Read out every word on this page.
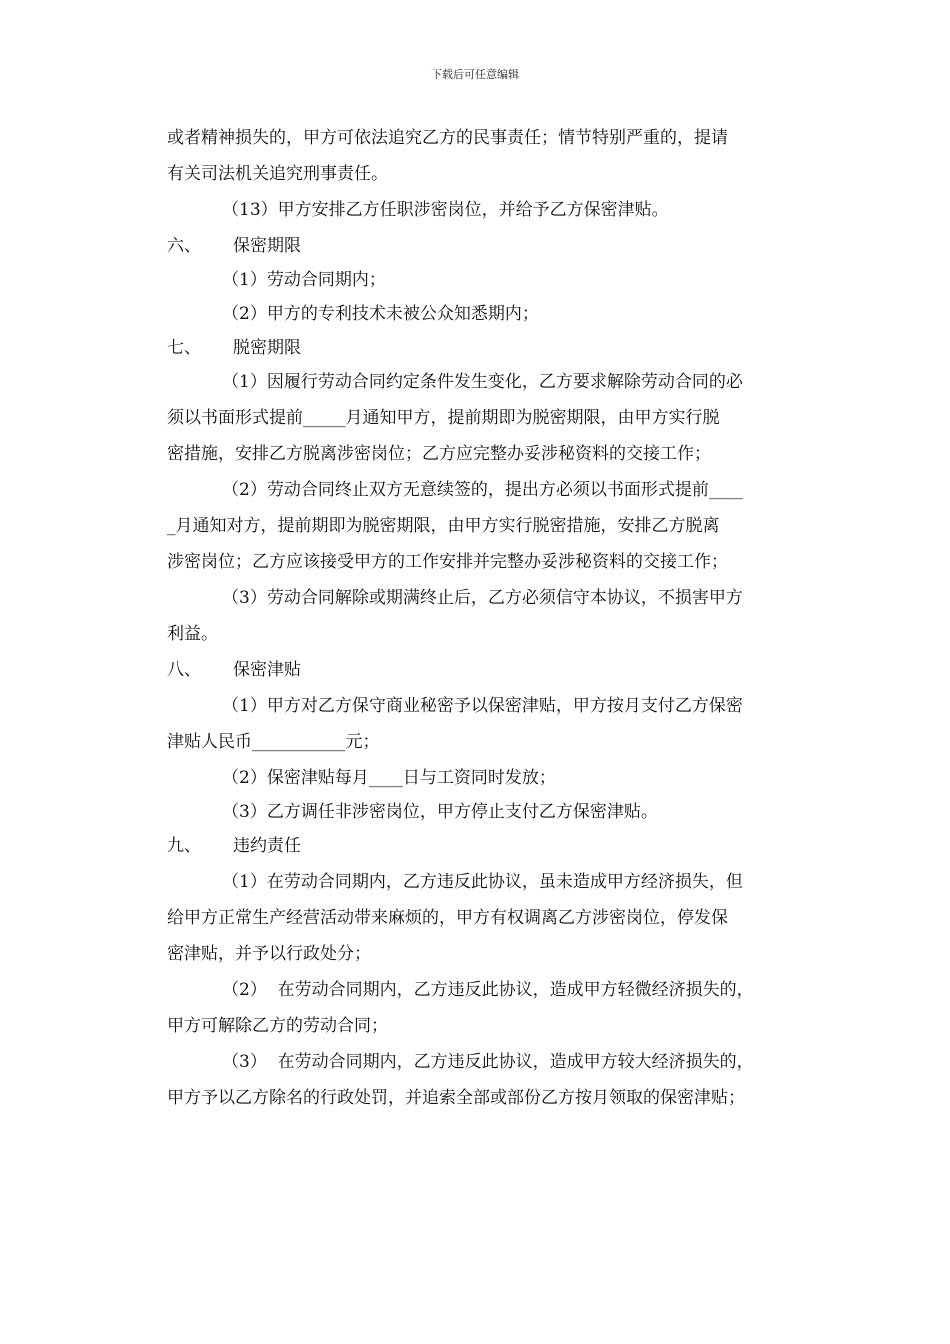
下载后可任意编辑
或者精神损失的，甲方可依法追究乙方的民事责任；情节特别严重的，提请
有关司法机关追究刑事责任。
（13）甲方安排乙方任职涉密岗位，并给予乙方保密津贴。
六、 保密期限
（1）劳动合同期内；
（2）甲方的专利技术未被公众知悉期内；
七、 脱密期限
（1）因履行劳动合同约定条件发生变化，乙方要求解除劳动合同的必
须以书面形式提前_____月通知甲方，提前期即为脱密期限，由甲方实行脱
密措施，安排乙方脱离涉密岗位；乙方应完整办妥涉秘资料的交接工作；
（2）劳动合同终止双方无意续签的，提出方必须以书面形式提前____
_月通知对方，提前期即为脱密期限，由甲方实行脱密措施，安排乙方脱离
涉密岗位；乙方应该接受甲方的工作安排并完整办妥涉秘资料的交接工作；
（3）劳动合同解除或期满终止后，乙方必须信守本协议，不损害甲方
利益。
八、 保密津贴
（1）甲方对乙方保守商业秘密予以保密津贴，甲方按月支付乙方保密
津贴人民币___________元；
（2）保密津贴每月____日与工资同时发放；
（3）乙方调任非涉密岗位，甲方停止支付乙方保密津贴。
九、 违约责任
（1）在劳动合同期内，乙方违反此协议，虽未造成甲方经济损失，但
给甲方正常生产经营活动带来麻烦的，甲方有权调离乙方涉密岗位，停发保
密津贴，并予以行政处分；
（2）  在劳动合同期内，乙方违反此协议，造成甲方轻微经济损失的，
甲方可解除乙方的劳动合同；
（3）  在劳动合同期内，乙方违反此协议，造成甲方较大经济损失的，
甲方予以乙方除名的行政处罚，并追索全部或部份乙方按月领取的保密津贴；
